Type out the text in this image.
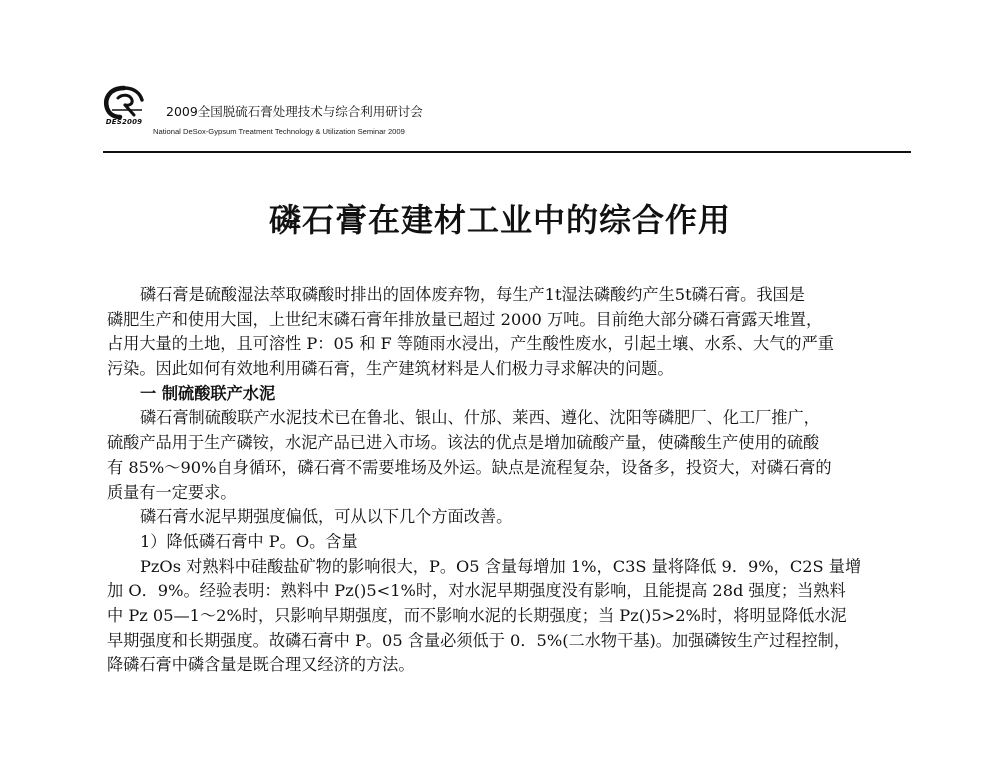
DES2009
2009全国脱硫石膏处理技术与综合利用研讨会
National DeSox-Gypsum Treatment Technology & Utilization Seminar 2009
磷石膏在建材工业中的综合作用
磷石膏是硫酸湿法萃取磷酸时排出的固体废弃物，每生产1t湿法磷酸约产生5t磷石膏。我国是
磷肥生产和使用大国，上世纪末磷石膏年排放量已超过 2000 万吨。目前绝大部分磷石膏露天堆置，
占用大量的土地，且可溶性 P：05 和 F 等随雨水浸出，产生酸性废水，引起土壤、水系、大气的严重
污染。因此如何有效地利用磷石膏，生产建筑材料是人们极力寻求解决的问题。
一 制硫酸联产水泥
磷石膏制硫酸联产水泥技术已在鲁北、银山、什邡、莱西、遵化、沈阳等磷肥厂、化工厂推广，
硫酸产品用于生产磷铵，水泥产品已进入市场。该法的优点是增加硫酸产量，使磷酸生产使用的硫酸
有 85%～90%自身循环，磷石膏不需要堆场及外运。缺点是流程复杂，设备多，投资大，对磷石膏的
质量有一定要求。
磷石膏水泥早期强度偏低，可从以下几个方面改善。
1）降低磷石膏中 P。O。含量
PzOs 对熟料中硅酸盐矿物的影响很大，P。O5 含量每增加 1%，C3S 量将降低 9．9%，C2S 量增
加 O．9%。经验表明：熟料中 Pz()5<1%时，对水泥早期强度没有影响，且能提高 28d 强度；当熟料
中 Pz 05—1～2%时，只影响早期强度，而不影响水泥的长期强度；当 Pz()5>2%时，将明显降低水泥
早期强度和长期强度。故磷石膏中 P。05 含量必须低于 0．5%(二水物干基)。加强磷铵生产过程控制，
降磷石膏中磷含量是既合理又经济的方法。
